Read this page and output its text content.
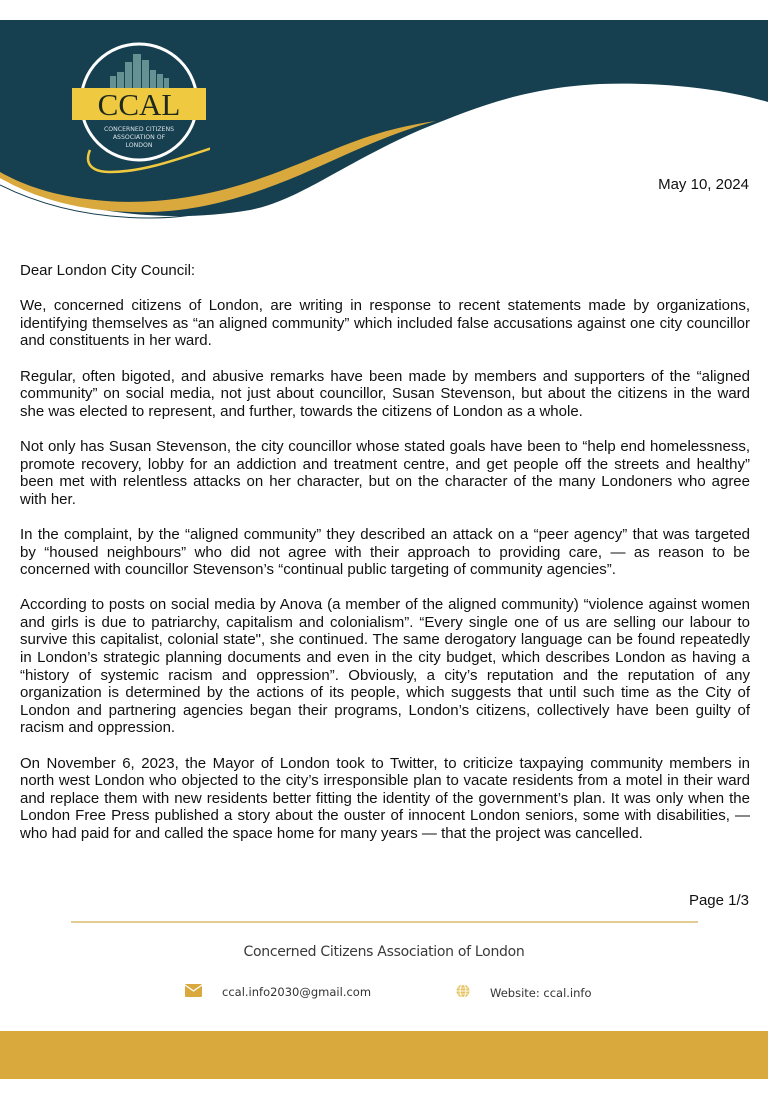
CCAL
CONCERNED CITIZENS
ASSOCIATION OF
LONDON
May 10, 2024

Dear London City Council:

We, concerned citizens of London, are writing in response to recent statements made by organizations, identifying themselves as “an aligned community” which included false accusations against one city councillor and constituents in her ward.

Regular, often bigoted, and abusive remarks have been made by members and supporters of the “aligned community” on social media, not just about councillor, Susan Stevenson, but about the citizens in the ward she was elected to represent, and further, towards the citizens of London as a whole.

Not only has Susan Stevenson, the city councillor whose stated goals have been to “help end homelessness, promote recovery, lobby for an addiction and treatment centre, and get people off the streets and healthy” been met with relentless attacks on her character, but on the character of the many Londoners who agree with her.

In the complaint, by the “aligned community” they described an attack on a “peer agency” that was targeted by “housed neighbours” who did not agree with their approach to providing care, — as reason to be concerned with councillor Stevenson’s “continual public targeting of community agencies”.

According to posts on social media by Anova (a member of the aligned community) “violence against women and girls is due to patriarchy, capitalism and colonialism”. “Every single one of us are selling our labour to survive this capitalist, colonial state", she continued. The same derogatory language can be found repeatedly in London’s strategic planning documents and even in the city budget, which describes London as having a “history of systemic racism and oppression”. Obviously, a city’s reputation and the reputation of any organization is determined by the actions of its people, which suggests that until such time as the City of London and partnering agencies began their programs, London’s citizens, collectively have been guilty of racism and oppression.

On November 6, 2023, the Mayor of London took to Twitter, to criticize taxpaying community members in north west London who objected to the city’s irresponsible plan to vacate residents from a motel in their ward and replace them with new residents better fitting the identity of the government’s plan. It was only when the London Free Press published a story about the ouster of innocent London seniors, some with disabilities, — who had paid for and called the space home for many years — that the project was cancelled.

Page 1/3
Concerned Citizens Association of London
ccal.info2030@gmail.com	Website: ccal.info
